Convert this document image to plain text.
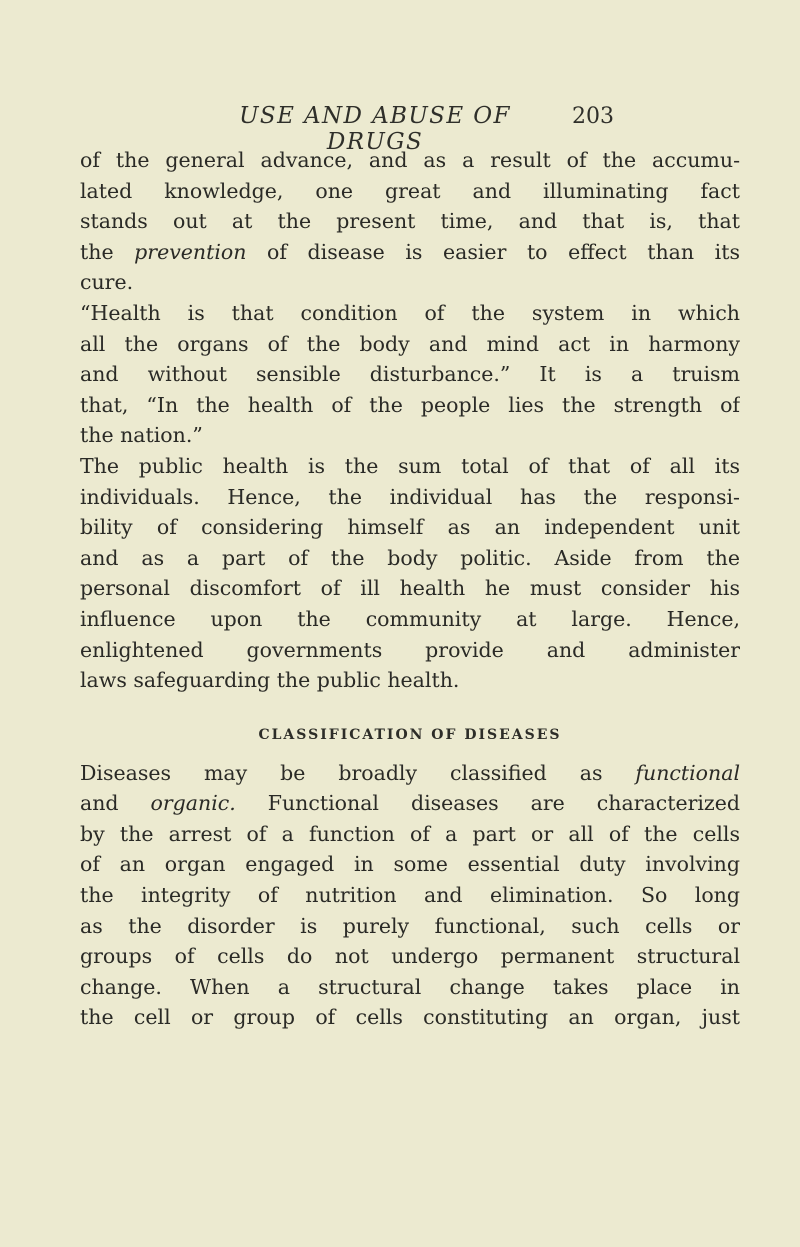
USE AND ABUSE OF DRUGS
203
of the general advance, and as a result of the accumu-
lated knowledge, one great and illuminating fact
stands out at the present time, and that is, that
the prevention of disease is easier to effect than its
cure.
“Health is that condition of the system in which
all the organs of the body and mind act in harmony
and without sensible disturbance.” It is a truism
that, “In the health of the people lies the strength of
the nation.”
The public health is the sum total of that of all its
individuals. Hence, the individual has the responsi-
bility of considering himself as an independent unit
and as a part of the body politic. Aside from the
personal discomfort of ill health he must consider his
influence upon the community at large. Hence,
enlightened governments provide and administer
laws safeguarding the public health.
CLASSIFICATION OF DISEASES
Diseases may be broadly classified as functional
and organic. Functional diseases are characterized
by the arrest of a function of a part or all of the cells
of an organ engaged in some essential duty involving
the integrity of nutrition and elimination. So long
as the disorder is purely functional, such cells or
groups of cells do not undergo permanent structural
change. When a structural change takes place in
the cell or group of cells constituting an organ, just
